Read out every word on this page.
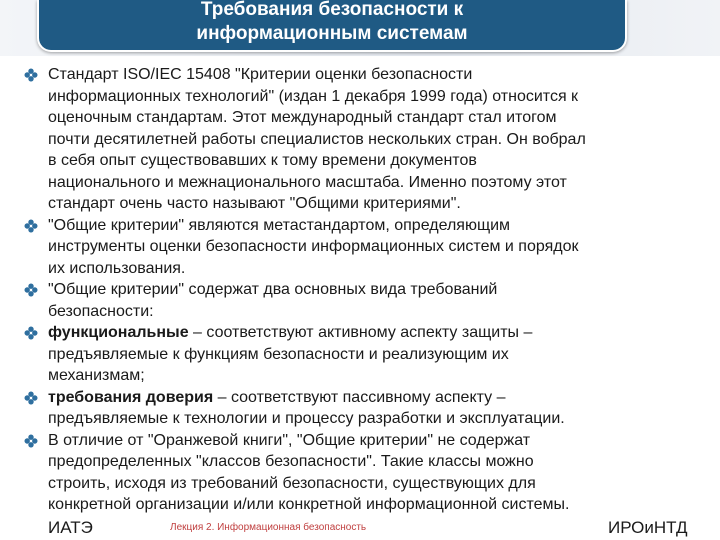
Требования безопасности к
информационным системам
Стандарт ISO/IEC 15408 "Критерии оценки безопасности
информационных технологий" (издан 1 декабря 1999 года) относится к
оценочным стандартам. Этот международный стандарт стал итогом
почти десятилетней работы специалистов нескольких стран. Он вобрал
в себя опыт существовавших к тому времени документов
национального и межнационального масштаба. Именно поэтому этот
стандарт очень часто называют "Общими критериями".
"Общие критерии" являются метастандартом, определяющим
инструменты оценки безопасности информационных систем и порядок
их использования.
"Общие критерии" содержат два основных вида требований
безопасности:
функциональные – соответствуют активному аспекту защиты –
предъявляемые к функциям безопасности и реализующим их
механизмам;
требования доверия – соответствуют пассивному аспекту –
предъявляемые к технологии и процессу разработки и эксплуатации.
В отличие от "Оранжевой книги", "Общие критерии" не содержат
предопределенных "классов безопасности". Такие классы можно
строить, исходя из требований безопасности, существующих для
конкретной организации и/или конкретной информационной системы.
ИАТЭ	Лекция 2. Информационная безопасность	ИРОиНТД
